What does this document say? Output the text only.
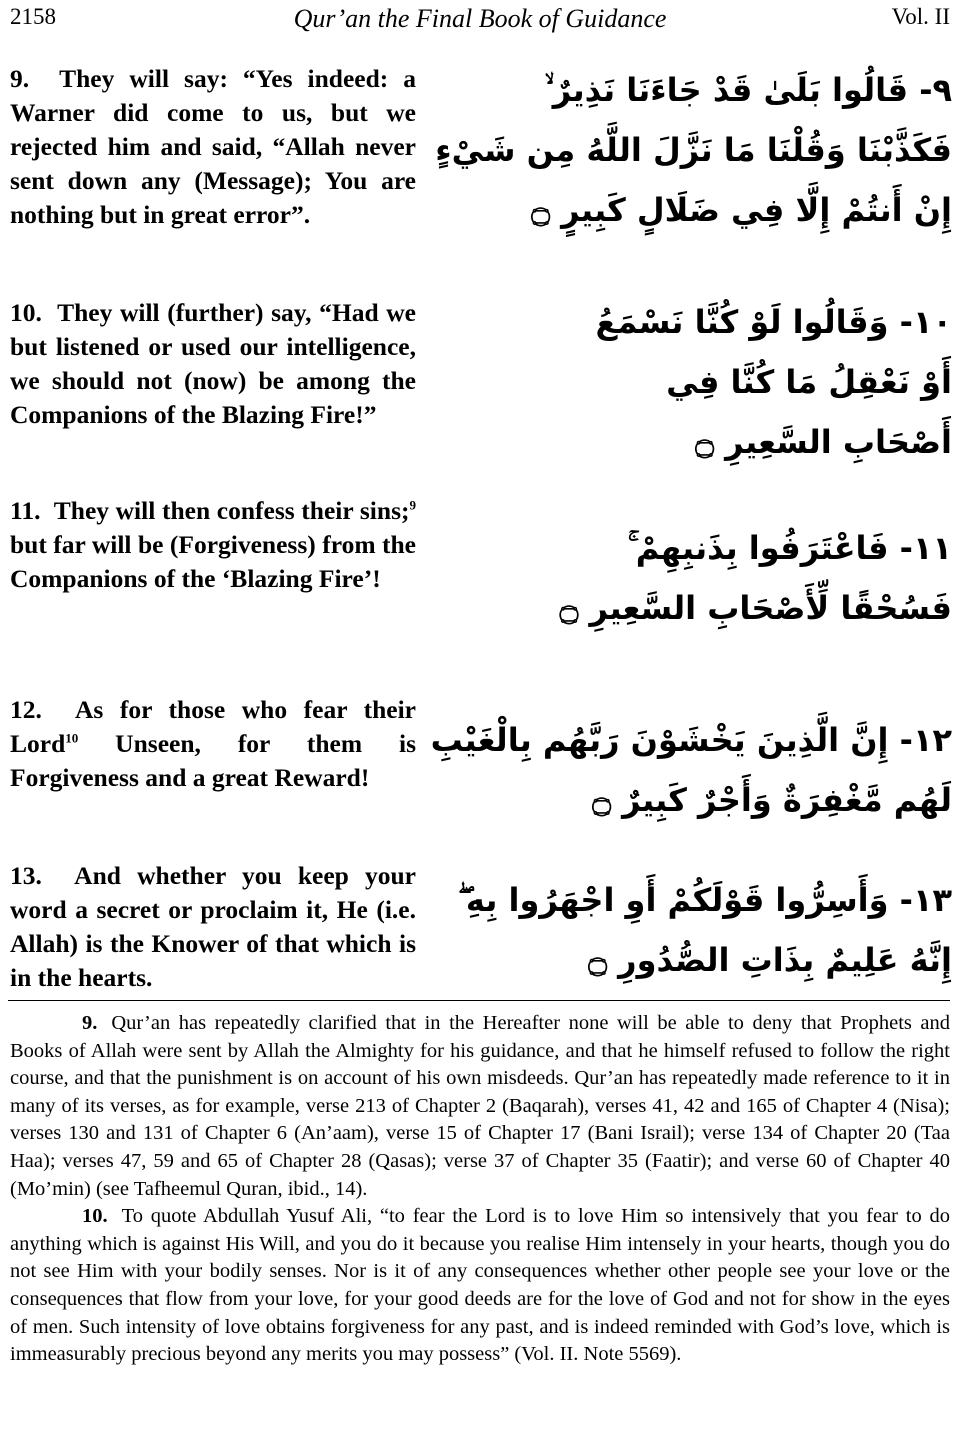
2158	Qur’an the Final Book of Guidance	Vol. II
9. They will say: “Yes indeed: a Warner did come to us, but we rejected him and said, “Allah never sent down any (Message); You are nothing but in great error”.
٩- قَالُوا بَلَىٰ قَدْ جَاءَنَا نَذِيرٌ ۙ
فَكَذَّبْنَا وَقُلْنَا مَا نَزَّلَ اللَّهُ مِن شَيْءٍ
إِنْ أَنتُمْ إِلَّا فِي ضَلَالٍ كَبِيرٍ ۝
10. They will (further) say, “Had we but listened or used our intelligence, we should not (now) be among the Companions of the Blazing Fire!”
١٠- وَقَالُوا لَوْ كُنَّا نَسْمَعُ
أَوْ نَعْقِلُ مَا كُنَّا فِي
أَصْحَابِ السَّعِيرِ ۝
11. They will then confess their sins;$^9$ but far will be (Forgiveness) from the Companions of the ‘Blazing Fire’!
١١- فَاعْتَرَفُوا بِذَنبِهِمْ ۚ
فَسُحْقًا لِّأَصْحَابِ السَّعِيرِ ۝
12. As for those who fear their Lord$^{10}$ Unseen, for them is Forgiveness and a great Reward!
١٢- إِنَّ الَّذِينَ يَخْشَوْنَ رَبَّهُم بِالْغَيْبِ
لَهُم مَّغْفِرَةٌ وَأَجْرٌ كَبِيرٌ ۝
13. And whether you keep your word a secret or proclaim it, He (i.e. Allah) is the Knower of that which is in the hearts.
١٣- وَأَسِرُّوا قَوْلَكُمْ أَوِ اجْهَرُوا بِهِ ۖ
إِنَّهُ عَلِيمٌ بِذَاتِ الصُّدُورِ ۝

9. Qur’an has repeatedly clarified that in the Hereafter none will be able to deny that Prophets and Books of Allah were sent by Allah the Almighty for his guidance, and that he himself refused to follow the right course, and that the punishment is on account of his own misdeeds. Qur’an has repeatedly made reference to it in many of its verses, as for example, verse 213 of Chapter 2 (Baqarah), verses 41, 42 and 165 of Chapter 4 (Nisa); verses 130 and 131 of Chapter 6 (An’aam), verse 15 of Chapter 17 (Bani Israil); verse 134 of Chapter 20 (Taa Haa); verses 47, 59 and 65 of Chapter 28 (Qasas); verse 37 of Chapter 35 (Faatir); and verse 60 of Chapter 40 (Mo’min) (see Tafheemul Quran, ibid., 14).

10. To quote Abdullah Yusuf Ali, “to fear the Lord is to love Him so intensively that you fear to do anything which is against His Will, and you do it because you realise Him intensely in your hearts, though you do not see Him with your bodily senses. Nor is it of any consequences whether other people see your love or the consequences that flow from your love, for your good deeds are for the love of God and not for show in the eyes of men. Such intensity of love obtains forgiveness for any past, and is indeed reminded with God’s love, which is immeasurably precious beyond any merits you may possess” (Vol. II. Note 5569).
